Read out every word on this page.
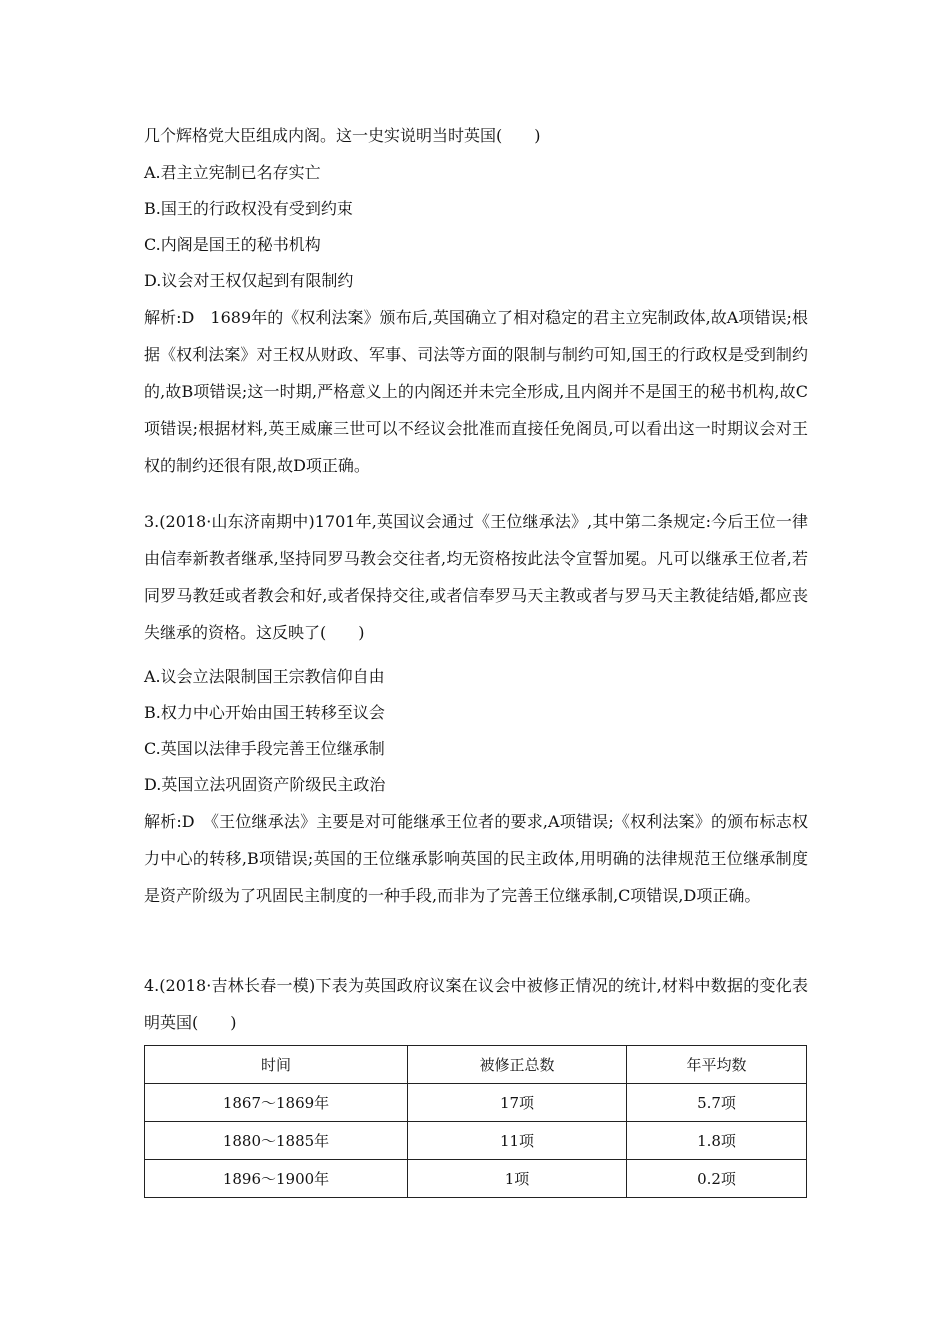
几个辉格党大臣组成内阁。这一史实说明当时英国(　　)
A.君主立宪制已名存实亡
B.国王的行政权没有受到约束
C.内阁是国王的秘书机构
D.议会对王权仅起到有限制约
解析:D　1689年的《权利法案》颁布后,英国确立了相对稳定的君主立宪制政体,故A项错误;根据《权利法案》对王权从财政、军事、司法等方面的限制与制约可知,国王的行政权是受到制约的,故B项错误;这一时期,严格意义上的内阁还并未完全形成,且内阁并不是国王的秘书机构,故C项错误;根据材料,英王威廉三世可以不经议会批准而直接任免阁员,可以看出这一时期议会对王权的制约还很有限,故D项正确。
3.(2018·山东济南期中)1701年,英国议会通过《王位继承法》,其中第二条规定:今后王位一律由信奉新教者继承,坚持同罗马教会交往者,均无资格按此法令宣誓加冕。凡可以继承王位者,若同罗马教廷或者教会和好,或者保持交往,或者信奉罗马天主教或者与罗马天主教徒结婚,都应丧失继承的资格。这反映了(　　)
A.议会立法限制国王宗教信仰自由
B.权力中心开始由国王转移至议会
C.英国以法律手段完善王位继承制
D.英国立法巩固资产阶级民主政治
解析:D　《王位继承法》主要是对可能继承王位者的要求,A项错误;《权利法案》的颁布标志权力中心的转移,B项错误;英国的王位继承影响英国的民主政体,用明确的法律规范王位继承制度是资产阶级为了巩固民主制度的一种手段,而非为了完善王位继承制,C项错误,D项正确。
4.(2018·吉林长春一模)下表为英国政府议案在议会中被修正情况的统计,材料中数据的变化表明英国(　　)
时间	被修正总数	年平均数
1867～1869年	17项	5.7项
1880～1885年	11项	1.8项
1896～1900年	1项	0.2项
